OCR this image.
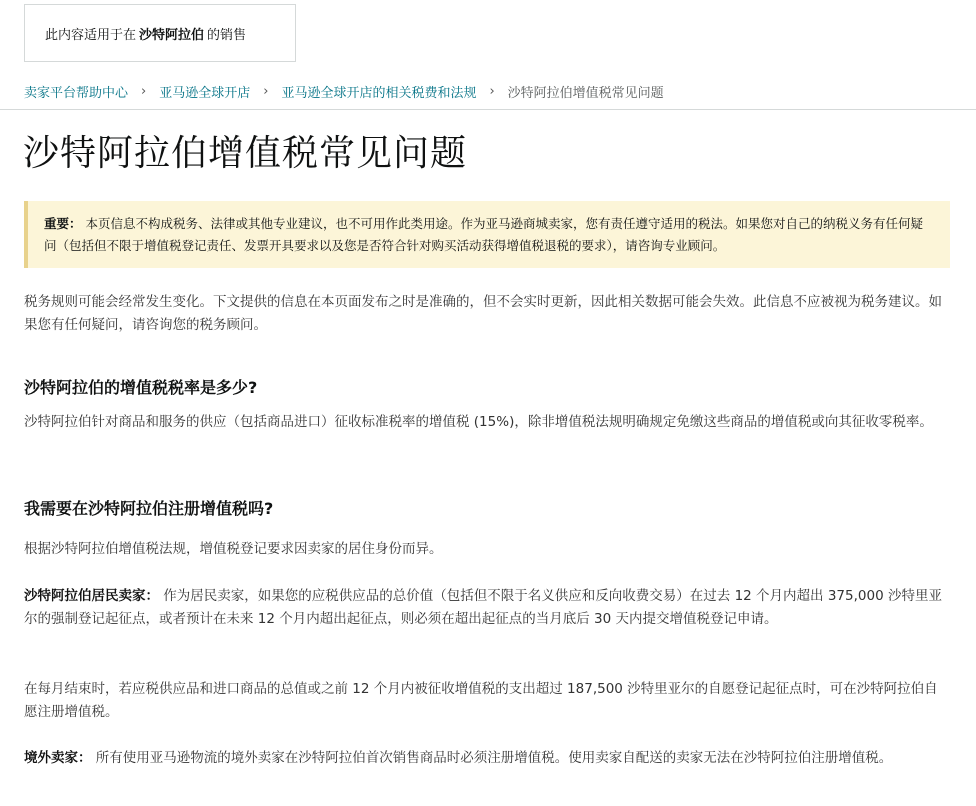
此内容适用于在 沙特阿拉伯 的销售
卖家平台帮助中心 › 亚马逊全球开店 › 亚马逊全球开店的相关税费和法规 › 沙特阿拉伯增值税常见问题
沙特阿拉伯增值税常见问题
重要： 本页信息不构成税务、法律或其他专业建议，也不可用作此类用途。作为亚马逊商城卖家，您有责任遵守适用的税法。如果您对自己的纳税义务有任何疑问（包括但不限于增值税登记责任、发票开具要求以及您是否符合针对购买活动获得增值税退税的要求），请咨询专业顾问。

税务规则可能会经常发生变化。下文提供的信息在本页面发布之时是准确的，但不会实时更新，因此相关数据可能会失效。此信息不应被视为税务建议。如果您有任何疑问，请咨询您的税务顾问。

沙特阿拉伯的增值税税率是多少?

沙特阿拉伯针对商品和服务的供应（包括商品进口）征收标准税率的增值税 (15%)，除非增值税法规明确规定免缴这些商品的增值税或向其征收零税率。

我需要在沙特阿拉伯注册增值税吗?

根据沙特阿拉伯增值税法规，增值税登记要求因卖家的居住身份而异。

沙特阿拉伯居民卖家： 作为居民卖家，如果您的应税供应品的总价值（包括但不限于名义供应和反向收费交易）在过去 12 个月内超出 375,000 沙特里亚尔的强制登记起征点，或者预计在未来 12 个月内超出起征点，则必须在超出起征点的当月底后 30 天内提交增值税登记申请。

在每月结束时，若应税供应品和进口商品的总值或之前 12 个月内被征收增值税的支出超过 187,500 沙特里亚尔的自愿登记起征点时，可在沙特阿拉伯自愿注册增值税。

境外卖家： 所有使用亚马逊物流的境外卖家在沙特阿拉伯首次销售商品时必须注册增值税。使用卖家自配送的卖家无法在沙特阿拉伯注册增值税。
